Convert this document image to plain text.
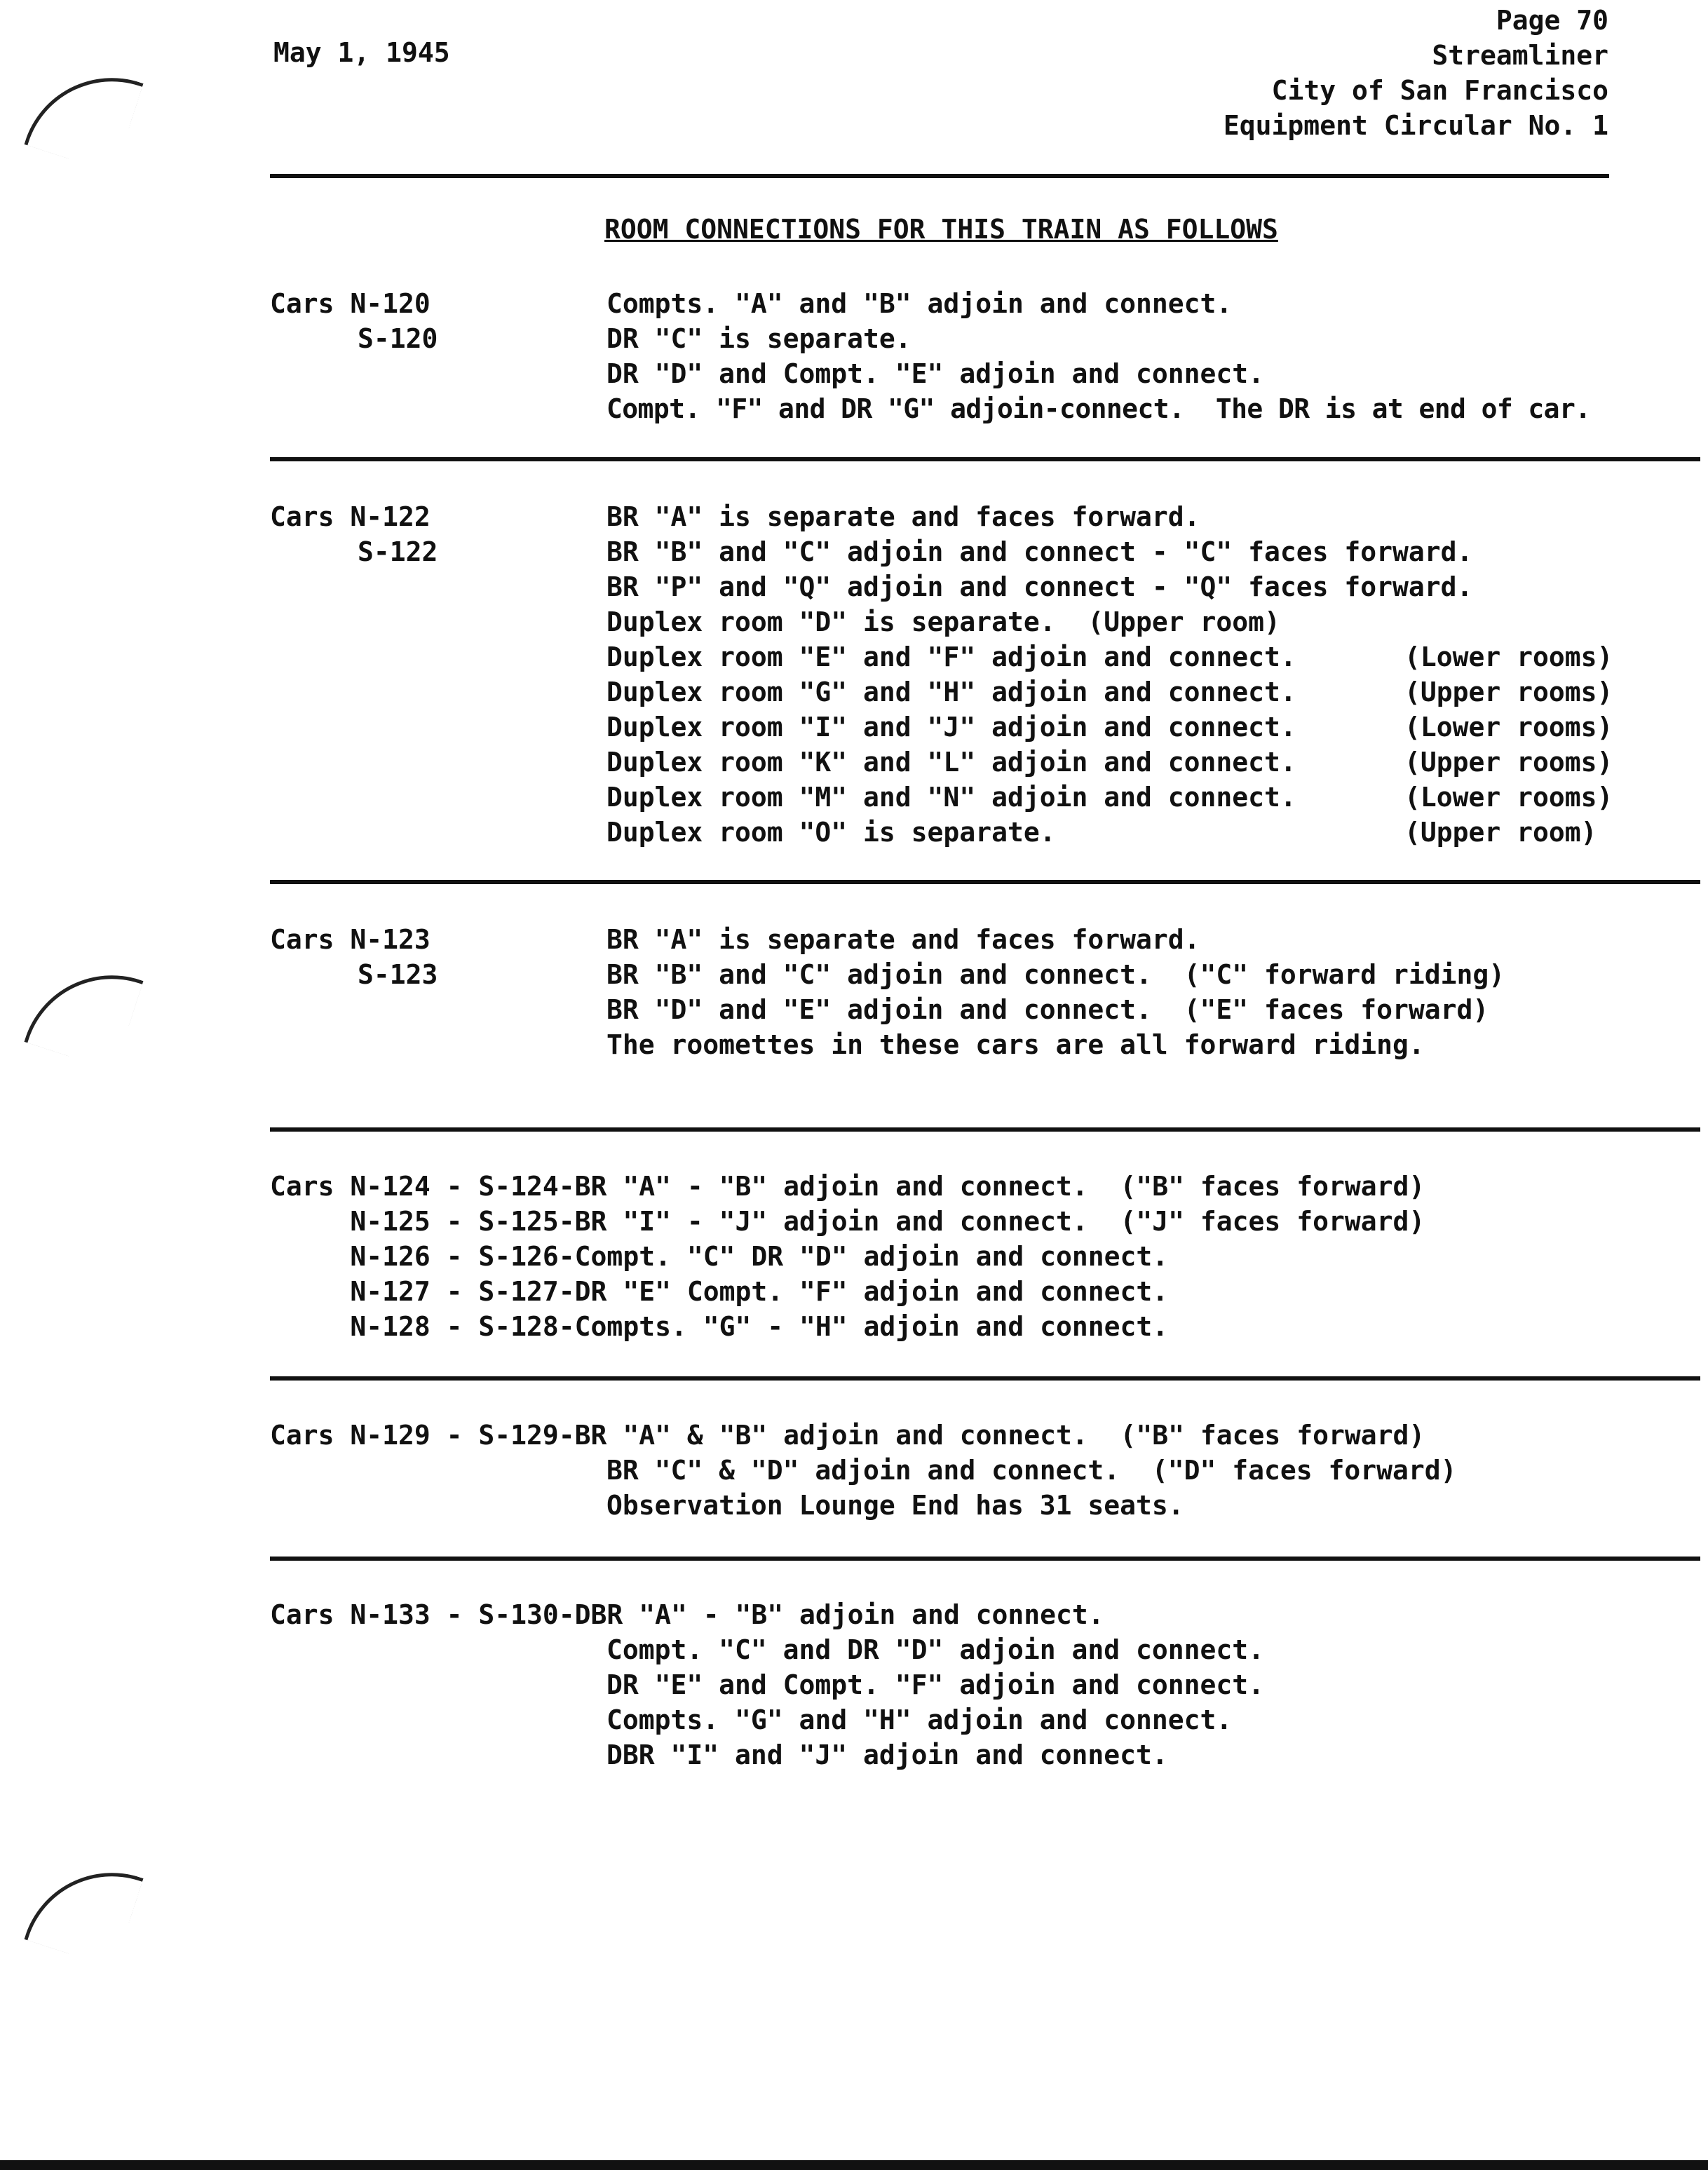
May 1, 1945
Page 70
Streamliner
City of San Francisco
Equipment Circular No. 1
ROOM CONNECTIONS FOR THIS TRAIN AS FOLLOWS
Cars N-120
S-120
Compts. "A" and "B" adjoin and connect.
DR "C" is separate.
DR "D" and Compt. "E" adjoin and connect.
Compt. "F" and DR "G" adjoin-connect.  The DR is at end of car.
Cars N-122
S-122
BR "A" is separate and faces forward.
BR "B" and "C" adjoin and connect - "C" faces forward.
BR "P" and "Q" adjoin and connect - "Q" faces forward.
Duplex room "D" is separate.  (Upper room)
Duplex room "E" and "F" adjoin and connect.
Duplex room "G" and "H" adjoin and connect.
Duplex room "I" and "J" adjoin and connect.
Duplex room "K" and "L" adjoin and connect.
Duplex room "M" and "N" adjoin and connect.
Duplex room "O" is separate.
(Lower rooms)
(Upper rooms)
(Lower rooms)
(Upper rooms)
(Lower rooms)
(Upper room)
Cars N-123
S-123
BR "A" is separate and faces forward.
BR "B" and "C" adjoin and connect.  ("C" forward riding)
BR "D" and "E" adjoin and connect.  ("E" faces forward)
The roomettes in these cars are all forward riding.
Cars N-124 - S-124-BR "A" - "B" adjoin and connect.  ("B" faces forward)
N-125 - S-125-BR "I" - "J" adjoin and connect.  ("J" faces forward)
N-126 - S-126-Compt. "C" DR "D" adjoin and connect.
N-127 - S-127-DR "E" Compt. "F" adjoin and connect.
N-128 - S-128-Compts. "G" - "H" adjoin and connect.
Cars N-129 - S-129-BR "A" & "B" adjoin and connect.  ("B" faces forward)
BR "C" & "D" adjoin and connect.  ("D" faces forward)
Observation Lounge End has 31 seats.
Cars N-133 - S-130-DBR "A" - "B" adjoin and connect.
Compt. "C" and DR "D" adjoin and connect.
DR "E" and Compt. "F" adjoin and connect.
Compts. "G" and "H" adjoin and connect.
DBR "I" and "J" adjoin and connect.
